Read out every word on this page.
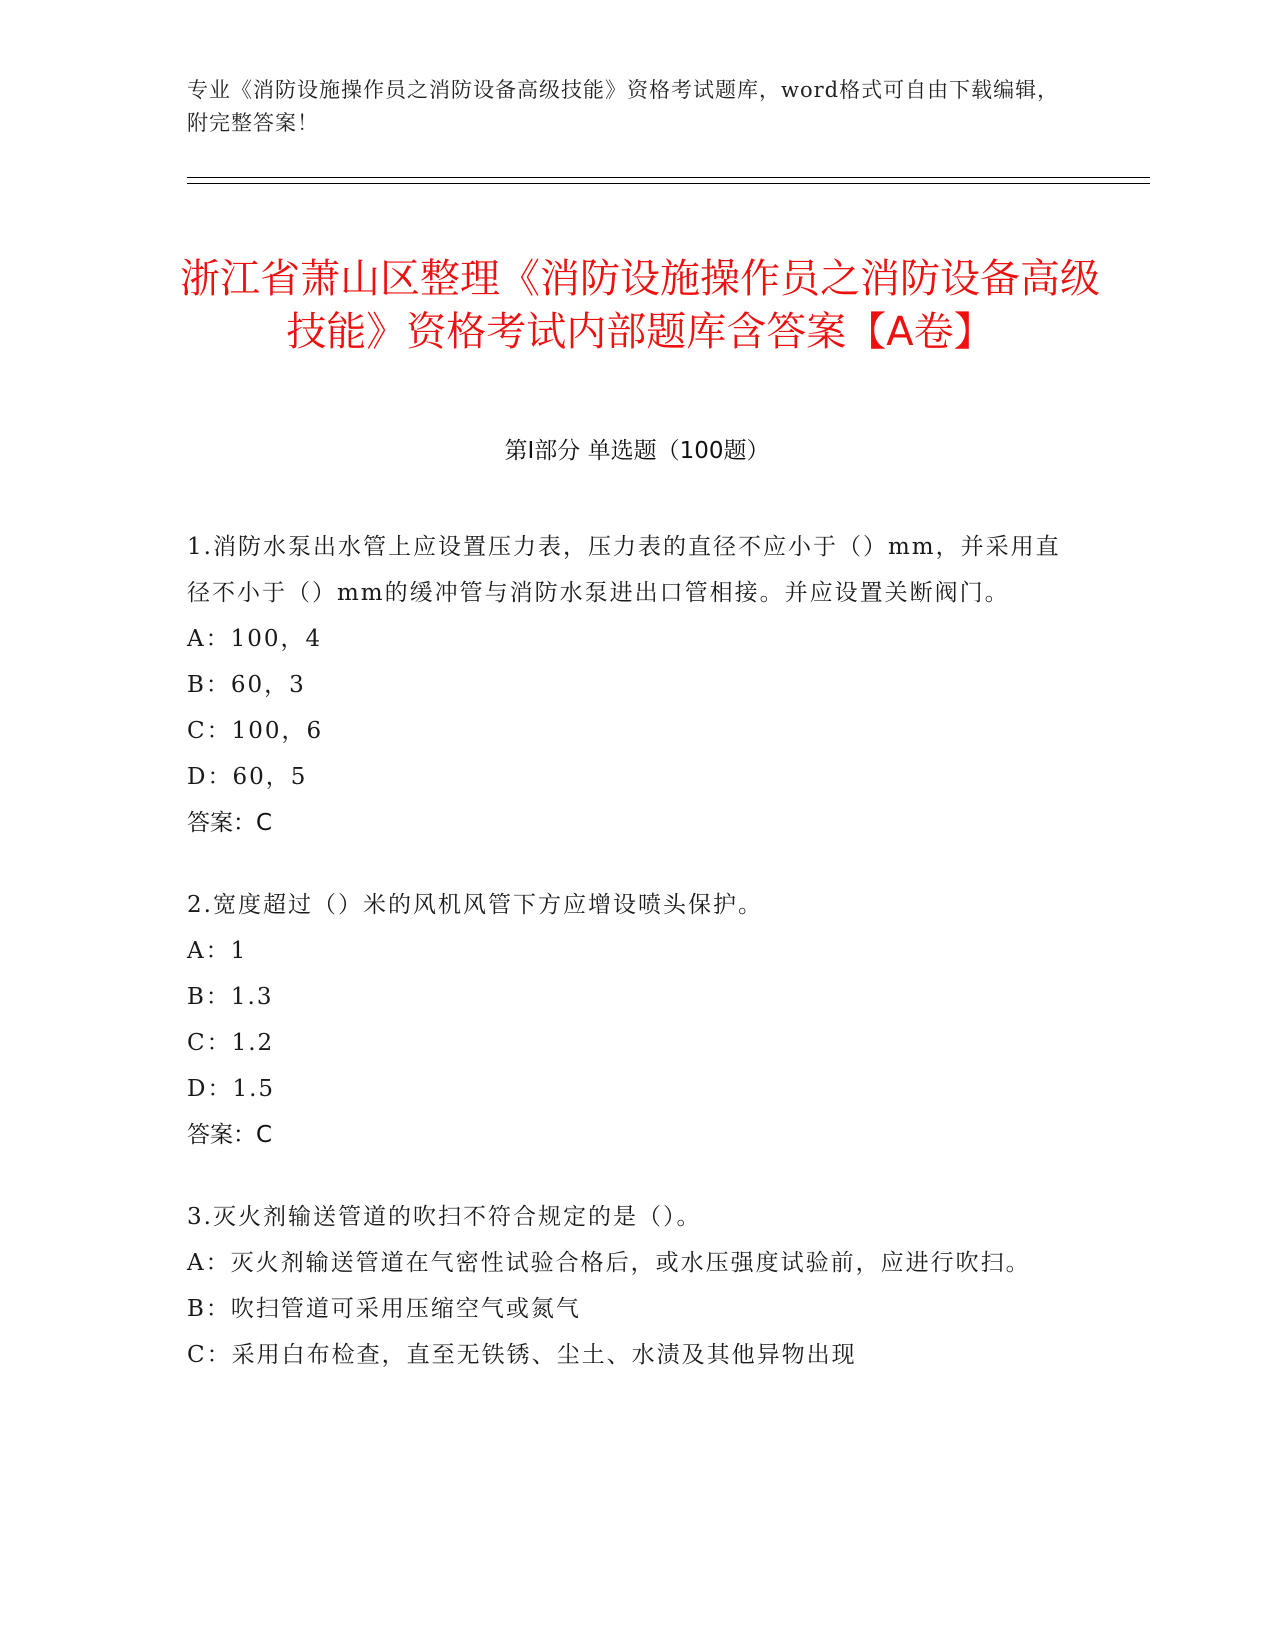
专业《消防设施操作员之消防设备高级技能》资格考试题库，word格式可自由下载编辑，附完整答案！
浙江省萧山区整理《消防设施操作员之消防设备高级技能》资格考试内部题库含答案【A卷】
第I部分 单选题（100题）
1.消防水泵出水管上应设置压力表，压力表的直径不应小于（）mm，并采用直径不小于（）mm的缓冲管与消防水泵进出口管相接。并应设置关断阀门。
A：100，4
B：60，3
C：100，6
D：60，5
答案：C
2.宽度超过（）米的风机风管下方应增设喷头保护。
A：1
B：1.3
C：1.2
D：1.5
答案：C
3.灭火剂输送管道的吹扫不符合规定的是（）。
A：灭火剂输送管道在气密性试验合格后，或水压强度试验前，应进行吹扫。
B：吹扫管道可采用压缩空气或氮气
C：采用白布检查，直至无铁锈、尘土、水渍及其他异物出现
